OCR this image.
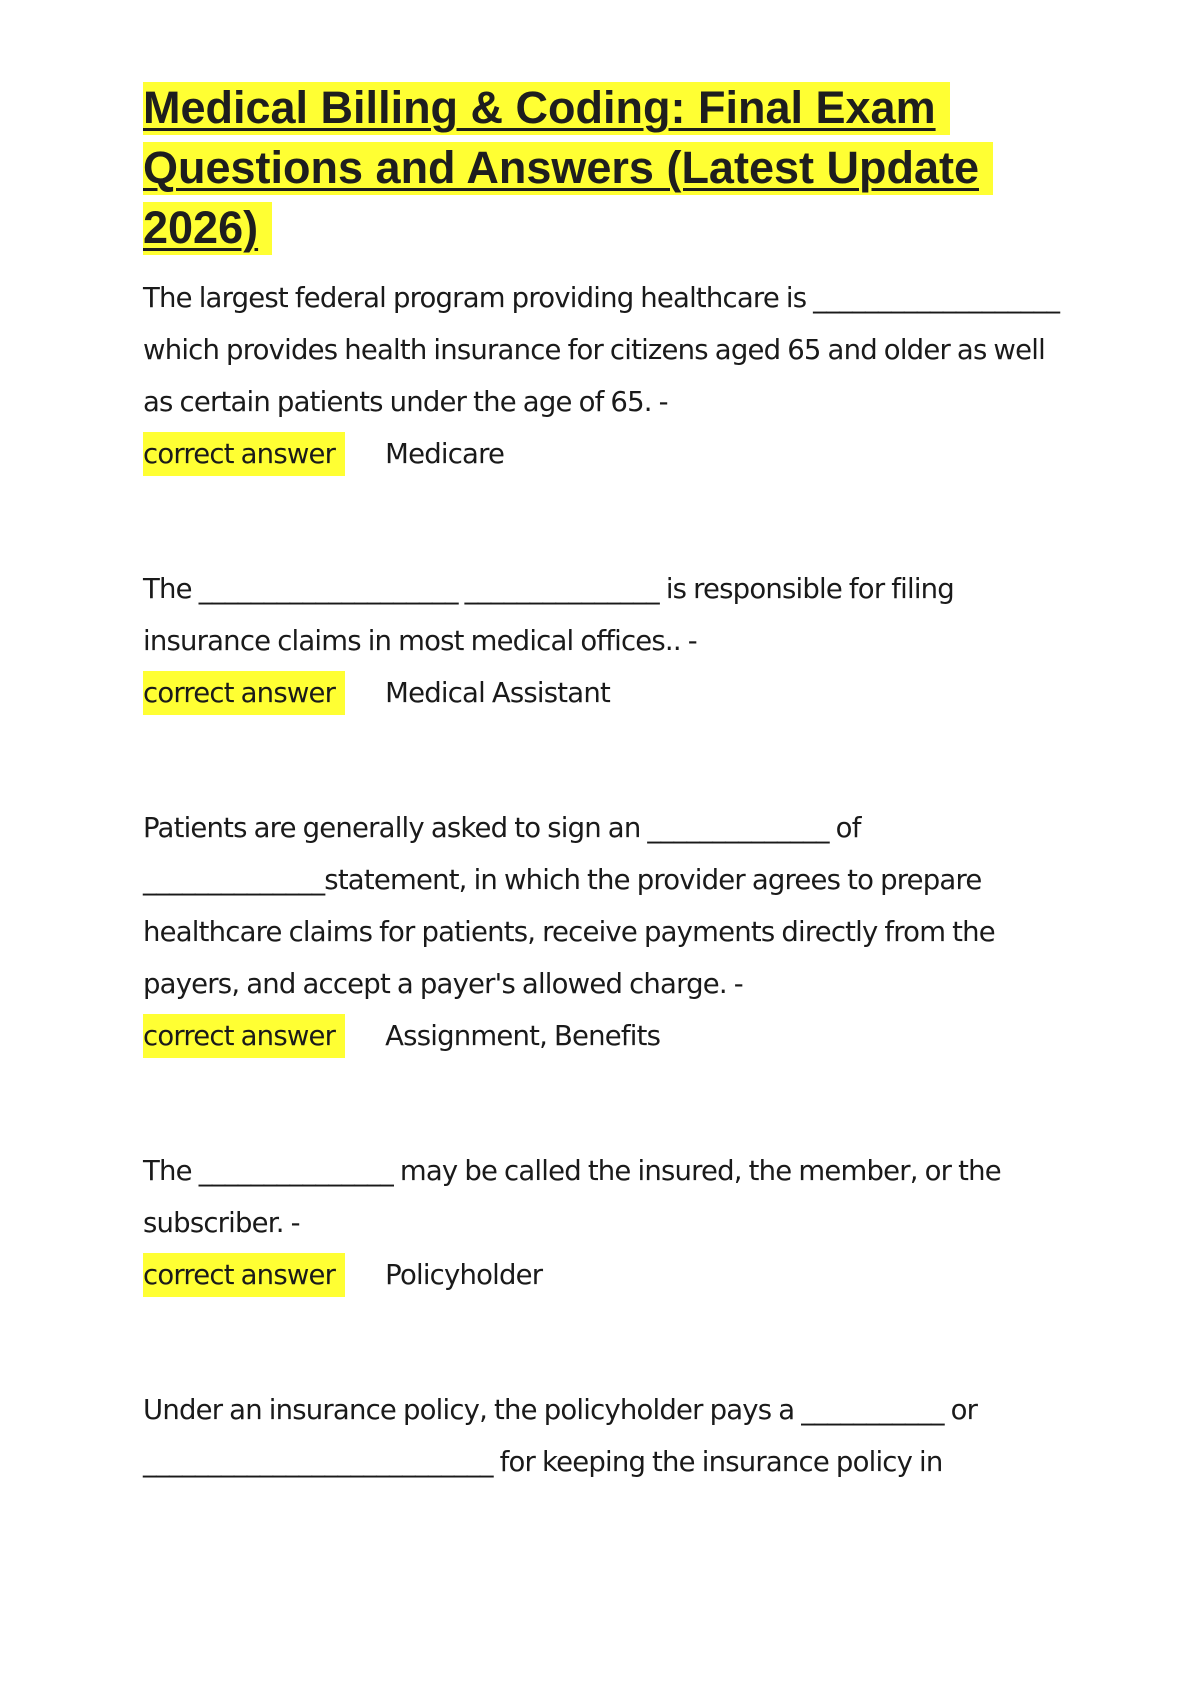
Medical Billing & Coding: Final Exam Questions and Answers (Latest Update 2026)

The largest federal program providing healthcare is ___________________ which provides health insurance for citizens aged 65 and older as well as certain patients under the age of 65. -

correct answer	Medicare

The ____________________ _______________ is responsible for filing insurance claims in most medical offices.. -

correct answer	Medical Assistant

Patients are generally asked to sign an ______________ of ______________statement, in which the provider agrees to prepare healthcare claims for patients, receive payments directly from the payers, and accept a payer's allowed charge. -

correct answer	Assignment, Benefits

The _______________ may be called the insured, the member, or the subscriber. -

correct answer	Policyholder

Under an insurance policy, the policyholder pays a ___________ or ___________________________ for keeping the insurance policy in
